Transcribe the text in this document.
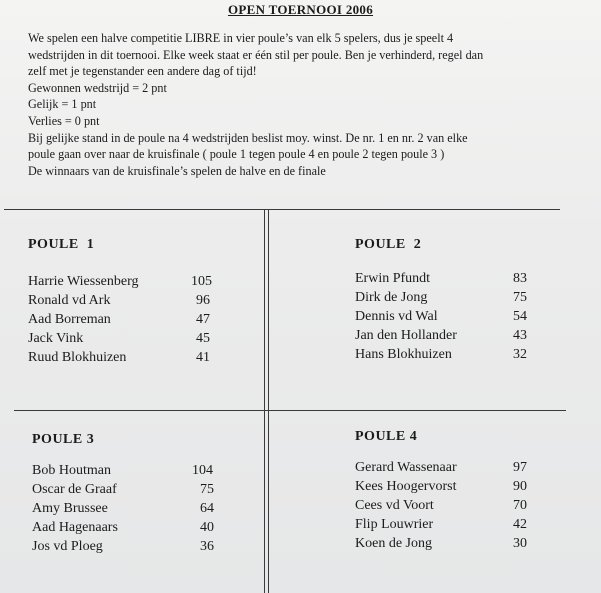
OPEN TOERNOOI 2006
We spelen een halve competitie LIBRE in vier poule’s van elk 5 spelers, dus je speelt 4
wedstrijden in dit toernooi. Elke week staat er één stil per poule. Ben je verhinderd, regel dan
zelf met je tegenstander een andere dag of tijd!
Gewonnen wedstrijd = 2 pnt
Gelijk = 1 pnt
Verlies = 0 pnt
Bij gelijke stand in de poule na 4 wedstrijden beslist moy. winst. De nr. 1 en nr. 2 van elke
poule gaan over naar de kruisfinale ( poule 1 tegen poule 4 en poule 2 tegen poule 3 )
De winnaars van de kruisfinale’s spelen de halve en de finale
POULE  1
Harrie Wiessenberg	105
Ronald vd Ark	96
Aad Borreman	47
Jack Vink	45
Ruud Blokhuizen	41
POULE  2
Erwin Pfundt	83
Dirk de Jong	75
Dennis vd Wal	54
Jan den Hollander	43
Hans Blokhuizen	32
POULE 3
Bob Houtman	104
Oscar de Graaf	75
Amy Brussee	64
Aad Hagenaars	40
Jos vd Ploeg	36
POULE 4
Gerard Wassenaar	97
Kees Hoogervorst	90
Cees vd Voort	70
Flip Louwrier	42
Koen de Jong	30
